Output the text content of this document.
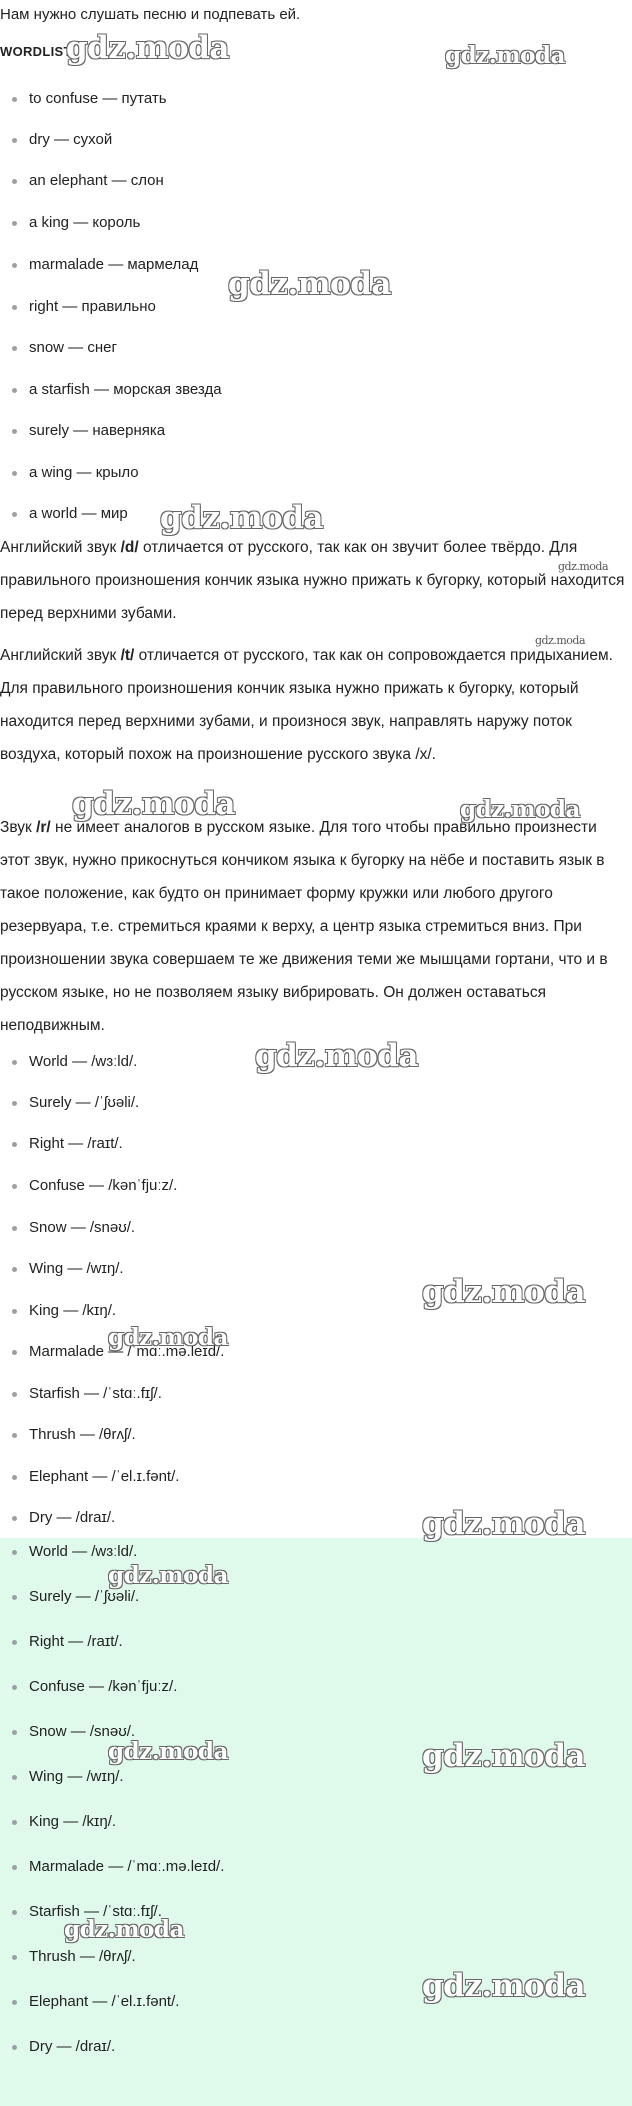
Нам нужно слушать песню и подпевать ей.
WORDLIST
to confuse — путать
dry — сухой
an elephant — слон
a king — король
marmalade — мармелад
right — правильно
snow — снег
a starfish — морская звезда
surely — наверняка
a wing — крыло
a world — мир
Английский звук /d/ отличается от русского, так как он звучит более твёрдо. Для правильного произношения кончик языка нужно прижать к бугорку, который находится перед верхними зубами.
Английский звук /t/ отличается от русского, так как он сопровождается придыханием. Для правильного произношения кончик языка нужно прижать к бугорку, который находится перед верхними зубами, и произнося звук, направлять наружу поток воздуха, который похож на произношение русского звука /х/.
Звук /r/ не имеет аналогов в русском языке. Для того чтобы правильно произнести этот звук, нужно прикоснуться кончиком языка к бугорку на нёбе и поставить язык в такое положение, как будто он принимает форму кружки или любого другого резервуара, т.е. стремиться краями к верху, а центр языка стремиться вниз. При произношении звука совершаем те же движения теми же мышцами гортани, что и в русском языке, но не позволяем языку вибрировать. Он должен оставаться неподвижным.
World — /wɜːld/.
Surely — /ˈʃʊəli/.
Right — /raɪt/.
Confuse — /kənˈfjuːz/.
Snow — /snəʊ/.
Wing — /wɪŋ/.
King — /kɪŋ/.
Marmalade — /ˈmɑː.mə.leɪd/.
Starfish — /ˈstɑː.fɪʃ/.
Thrush — /θrʌʃ/.
Elephant — /ˈel.ɪ.fənt/.
Dry — /draɪ/.
World — /wɜːld/.
Surely — /ˈʃʊəli/.
Right — /raɪt/.
Confuse — /kənˈfjuːz/.
Snow — /snəʊ/.
Wing — /wɪŋ/.
King — /kɪŋ/.
Marmalade — /ˈmɑː.mə.leɪd/.
Starfish — /ˈstɑː.fɪʃ/.
Thrush — /θrʌʃ/.
Elephant — /ˈel.ɪ.fənt/.
Dry — /draɪ/.
gdz.moda	gdz.moda
gdz.moda
gdz.moda
gdz.moda
gdz.moda
gdz.moda	gdz.moda
gdz.moda
gdz.moda
gdz.moda
gdz.moda
gdz.moda
gdz.moda	gdz.moda
gdz.moda
gdz.moda
